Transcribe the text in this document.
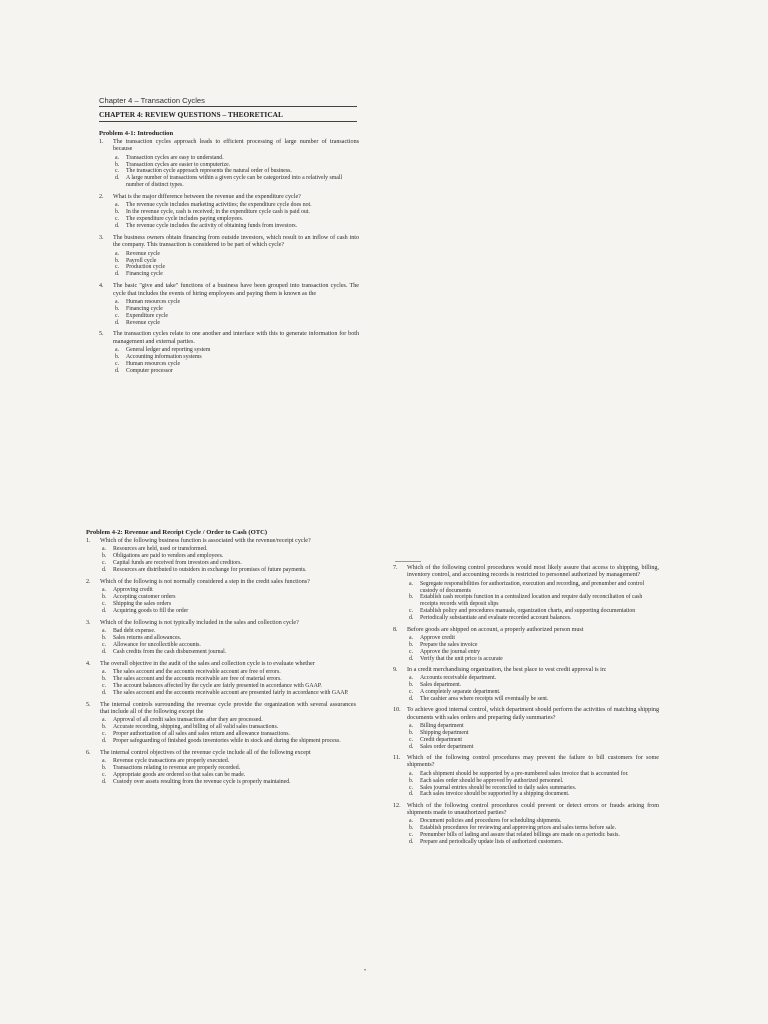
Chapter 4 – Transaction Cycles
CHAPTER 4: REVIEW QUESTIONS – THEORETICAL
Problem 4-1: Introduction
1.	The transaction cycles approach leads to efficient processing of large number of transactions because
a. Transaction cycles are easy to understand.
b. Transaction cycles are easier to computerize.
c. The transaction cycle approach represents the natural order of business.
d. A large number of transactions within a given cycle can be categorized into a relatively small number of distinct types.
2.	What is the major difference between the revenue and the expenditure cycle?
a. The revenue cycle includes marketing activities; the expenditure cycle does not.
b. In the revenue cycle, cash is received; in the expenditure cycle cash is paid out.
c. The expenditure cycle includes paying employees.
d. The revenue cycle includes the activity of obtaining funds from investors.
3.	The business owners obtain financing from outside investors, which result to an inflow of cash into the company. This transaction is considered to be part of which cycle?
a. Revenue cycle
b. Payroll cycle
c. Production cycle
d. Financing cycle
4.	The basic "give and take" functions of a business have been grouped into transaction cycles. The cycle that includes the events of hiring employees and paying them is known as the
a. Human resources cycle
b. Financing cycle
c. Expenditure cycle
d. Revenue cycle
5.	The transaction cycles relate to one another and interface with this to generate information for both management and external parties.
a. General ledger and reporting system
b. Accounting information systems
c. Human resources cycle
d. Computer processor
Problem 4-2: Revenue and Receipt Cycle / Order to Cash (OTC)
1.	Which of the following business function is associated with the revenue/receipt cycle?
a. Resources are held, used or transformed.
b. Obligations are paid to vendors and employees.
c. Capital funds are received from investors and creditors.
d. Resources are distributed to outsiders in exchange for promises of future payments.
2.	Which of the following is not normally considered a step in the credit sales functions?
a. Approving credit
b. Accepting customer orders
c. Shipping the sales orders
d. Acquiring goods to fill the order
3.	Which of the following is not typically included in the sales and collection cycle?
a. Bad debt expense.
b. Sales returns and allowances.
c. Allowance for uncollectible accounts.
d. Cash credits from the cash disbursement journal.
4.	The overall objective in the audit of the sales and collection cycle is to evaluate whether
a. The sales account and the accounts receivable account are free of errors.
b. The sales account and the accounts receivable are free of material errors.
c. The account balances affected by the cycle are fairly presented in accordance with GAAP.
d. The sales account and the accounts receivable account are presented fairly in accordance with GAAP.
5.	The internal controls surrounding the revenue cycle provide the organization with several assurances that include all of the following except the
a. Approval of all credit sales transactions after they are processed.
b. Accurate recording, shipping, and billing of all valid sales transactions.
c. Proper authorization of all sales and sales return and allowance transactions.
d. Proper safeguarding of finished goods inventories while in stock and during the shipment process.
6.	The internal control objectives of the revenue cycle include all of the following except
a. Revenue cycle transactions are properly executed.
b. Transactions relating to revenue are properly recorded.
c. Appropriate goods are ordered so that sales can be made.
d. Custody over assets resulting from the revenue cycle is properly maintained.
7.	Which of the following control procedures would most likely assure that access to shipping, billing, inventory control, and accounting records is restricted to personnel authorized by management?
a. Segregate responsibilities for authorization, execution and recording, and prenumber and control custody of documents
b. Establish cash receipts function in a centralized location and require daily reconciliation of cash receipts records with deposit slips
c. Establish policy and procedures manuals, organization charts, and supporting documentation
d. Periodically substantiate and evaluate recorded account balances.
8.	Before goods are shipped on account, a properly authorized person must
a. Approve credit
b. Prepare the sales invoice
c. Approve the journal entry
d. Verify that the unit price is accurate
9.	In a credit merchandising organization, the best place to vest credit approval is in:
a. Accounts receivable department.
b. Sales department.
c. A completely separate department.
d. The cashier area where receipts will eventually be sent.
10.	To achieve good internal control, which department should perform the activities of matching shipping documents with sales orders and preparing daily summaries?
a. Billing department
b. Shipping department
c. Credit department
d. Sales order department
11.	Which of the following control procedures may prevent the failure to bill customers for some shipments?
a. Each shipment should be supported by a pre-numbered sales invoice that is accounted for.
b. Each sales order should be approved by authorized personnel.
c. Sales journal entries should be reconciled to daily sales summaries.
d. Each sales invoice should be supported by a shipping document.
12.	Which of the following control procedures could prevent or detect errors or frauds arising from shipments made to unauthorized parties?
a. Document policies and procedures for scheduling shipments.
b. Establish procedures for reviewing and approving prices and sales terms before sale.
c. Prenumber bills of lading and assure that related billings are made on a periodic basis.
d. Prepare and periodically update lists of authorized customers.
•
